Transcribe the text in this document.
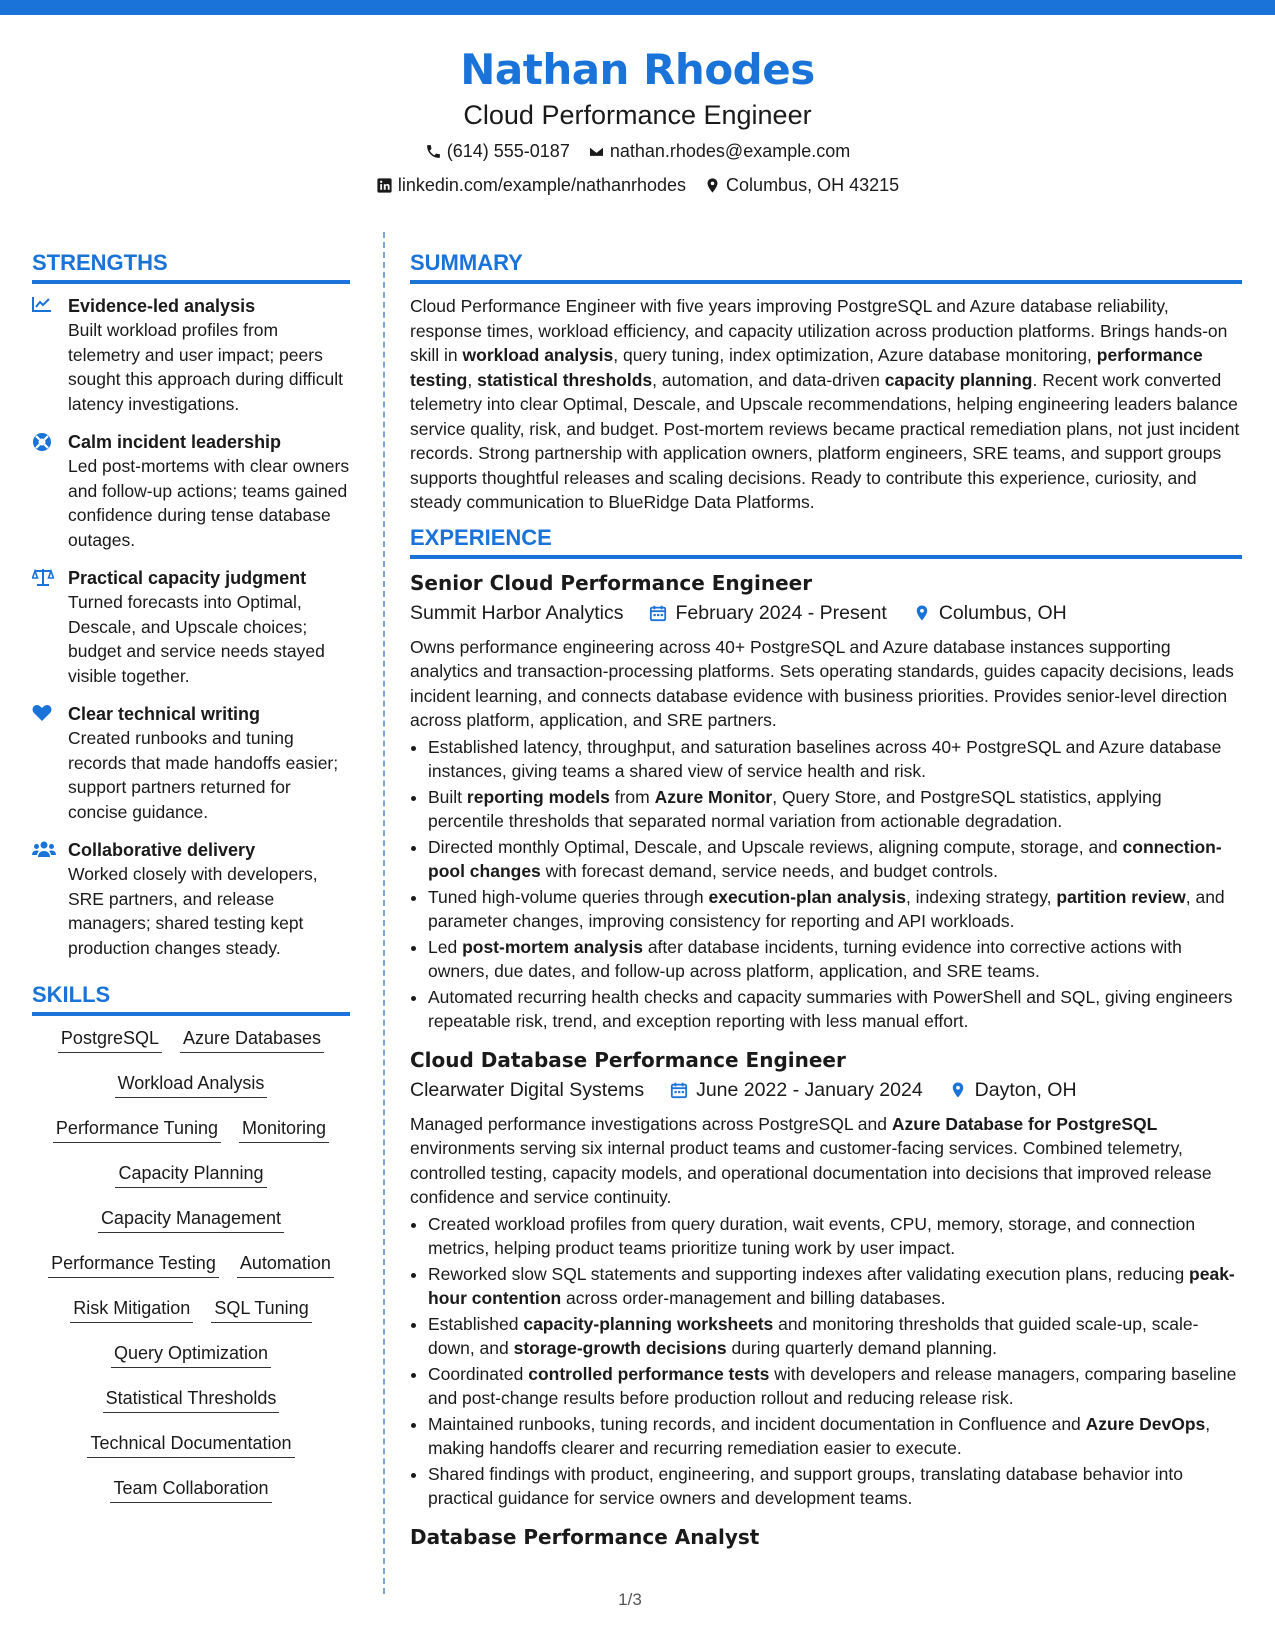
Nathan Rhodes
Cloud Performance Engineer
(614) 555-0187 nathan.rhodes@example.com
linkedin.com/example/nathanrhodes Columbus, OH 43215
STRENGTHS
Evidence-led analysis
Built workload profiles from telemetry and user impact; peers sought this approach during difficult latency investigations.
Calm incident leadership
Led post-mortems with clear owners and follow-up actions; teams gained confidence during tense database outages.
Practical capacity judgment
Turned forecasts into Optimal, Descale, and Upscale choices; budget and service needs stayed visible together.
Clear technical writing
Created runbooks and tuning records that made handoffs easier; support partners returned for concise guidance.
Collaborative delivery
Worked closely with developers, SRE partners, and release managers; shared testing kept production changes steady.
SKILLS
PostgreSQL Azure Databases
Workload Analysis
Performance Tuning Monitoring
Capacity Planning
Capacity Management
Performance Testing Automation
Risk Mitigation SQL Tuning
Query Optimization
Statistical Thresholds
Technical Documentation
Team Collaboration
SUMMARY
Cloud Performance Engineer with five years improving PostgreSQL and Azure database reliability, response times, workload efficiency, and capacity utilization across production platforms. Brings hands-on skill in workload analysis, query tuning, index optimization, Azure database monitoring, performance testing, statistical thresholds, automation, and data-driven capacity planning. Recent work converted telemetry into clear Optimal, Descale, and Upscale recommendations, helping engineering leaders balance service quality, risk, and budget. Post-mortem reviews became practical remediation plans, not just incident records. Strong partnership with application owners, platform engineers, SRE teams, and support groups supports thoughtful releases and scaling decisions. Ready to contribute this experience, curiosity, and steady communication to BlueRidge Data Platforms.
EXPERIENCE
Senior Cloud Performance Engineer
Summit Harbor Analytics	February 2024 - Present	Columbus, OH
Owns performance engineering across 40+ PostgreSQL and Azure database instances supporting analytics and transaction-processing platforms. Sets operating standards, guides capacity decisions, leads incident learning, and connects database evidence with business priorities. Provides senior-level direction across platform, application, and SRE partners.
• Established latency, throughput, and saturation baselines across 40+ PostgreSQL and Azure database instances, giving teams a shared view of service health and risk.
• Built reporting models from Azure Monitor, Query Store, and PostgreSQL statistics, applying percentile thresholds that separated normal variation from actionable degradation.
• Directed monthly Optimal, Descale, and Upscale reviews, aligning compute, storage, and connection-pool changes with forecast demand, service needs, and budget controls.
• Tuned high-volume queries through execution-plan analysis, indexing strategy, partition review, and parameter changes, improving consistency for reporting and API workloads.
• Led post-mortem analysis after database incidents, turning evidence into corrective actions with owners, due dates, and follow-up across platform, application, and SRE teams.
• Automated recurring health checks and capacity summaries with PowerShell and SQL, giving engineers repeatable risk, trend, and exception reporting with less manual effort.
Cloud Database Performance Engineer
Clearwater Digital Systems	June 2022 - January 2024	Dayton, OH
Managed performance investigations across PostgreSQL and Azure Database for PostgreSQL environments serving six internal product teams and customer-facing services. Combined telemetry, controlled testing, capacity models, and operational documentation into decisions that improved release confidence and service continuity.
• Created workload profiles from query duration, wait events, CPU, memory, storage, and connection metrics, helping product teams prioritize tuning work by user impact.
• Reworked slow SQL statements and supporting indexes after validating execution plans, reducing peak-hour contention across order-management and billing databases.
• Established capacity-planning worksheets and monitoring thresholds that guided scale-up, scale-down, and storage-growth decisions during quarterly demand planning.
• Coordinated controlled performance tests with developers and release managers, comparing baseline and post-change results before production rollout and reducing release risk.
• Maintained runbooks, tuning records, and incident documentation in Confluence and Azure DevOps, making handoffs clearer and recurring remediation easier to execute.
• Shared findings with product, engineering, and support groups, translating database behavior into practical guidance for service owners and development teams.
Database Performance Analyst
1/3
